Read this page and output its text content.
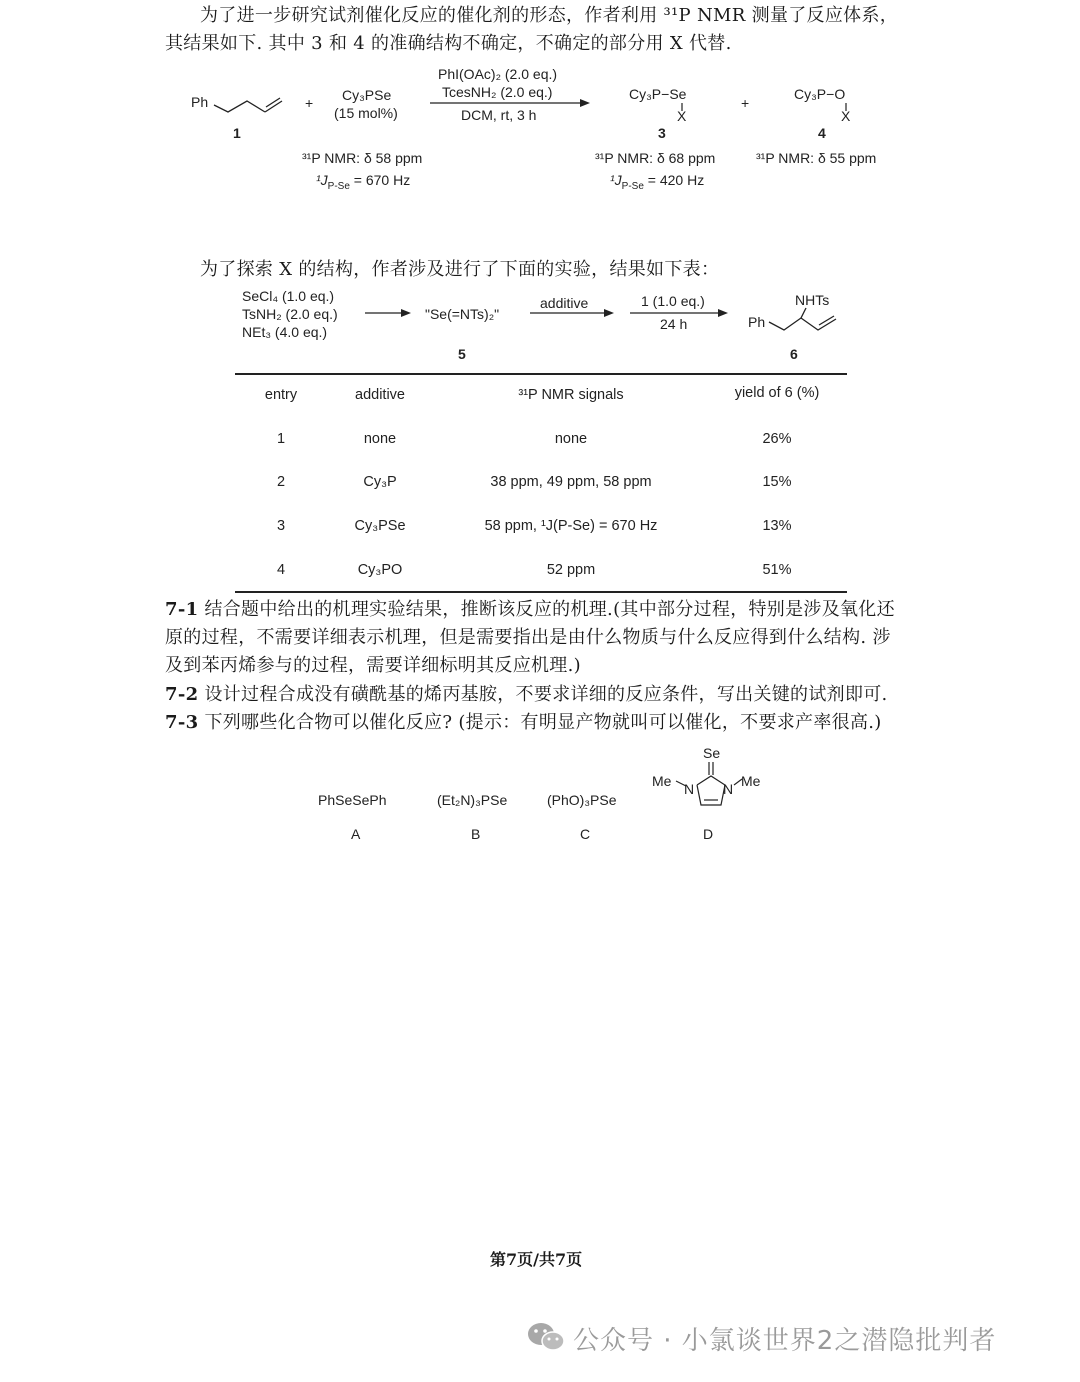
为了进一步研究试剂催化反应的催化剂的形态，作者利用 ³¹P NMR 测量了反应体系，
其结果如下. 其中 3 和 4 的准确结构不确定，不确定的部分用 X 代替.
Ph
1
+ Cy₃PSe
(15 mol%)
PhI(OAc)₂ (2.0 eq.)
TcesNH₂ (2.0 eq.)
DCM, rt, 3 h
Cy₃P−Se
X
3
+
Cy₃P−O
X
4
³¹P NMR: δ 58 ppm
$^1J_{P-Se} = 670$ Hz
³¹P NMR: δ 68 ppm
$^1J_{P-Se} = 420$ Hz
³¹P NMR: δ 55 ppm
为了探索 X 的结构，作者涉及进行了下面的实验，结果如下表：
SeCl₄ (1.0 eq.)
TsNH₂ (2.0 eq.)
NEt₃ (4.0 eq.)
"Se(=NTs)₂"
5
additive	1 (1.0 eq.)
24 h
NHTs
Ph
6
entry	additive	³¹P NMR signals	yield of 6 (%)
1	none	none	26%
2	Cy₃P	38 ppm, 49 ppm, 58 ppm	15%
3	Cy₃PSe	58 ppm, ¹J(P-Se) = 670 Hz	13%
4	Cy₃PO	52 ppm	51%
7-1 结合题中给出的机理实验结果，推断该反应的机理.(其中部分过程，特别是涉及氧化还
原的过程，不需要详细表示机理，但是需要指出是由什么物质与什么反应得到什么结构. 涉
及到苯丙烯参与的过程，需要详细标明其反应机理.)
7-2 设计过程合成没有磺酰基的烯丙基胺，不要求详细的反应条件，写出关键的试剂即可.
7-3 下列哪些化合物可以催化反应? (提示：有明显产物就叫可以催化，不要求产率很高.)
PhSeSePh
A
(Et₂N)₃PSe
B
(PhO)₃PSe
C
Se
Me N N Me
D
第7页/共7页
公众号 · 小氯谈世界2之潜隐批判者
